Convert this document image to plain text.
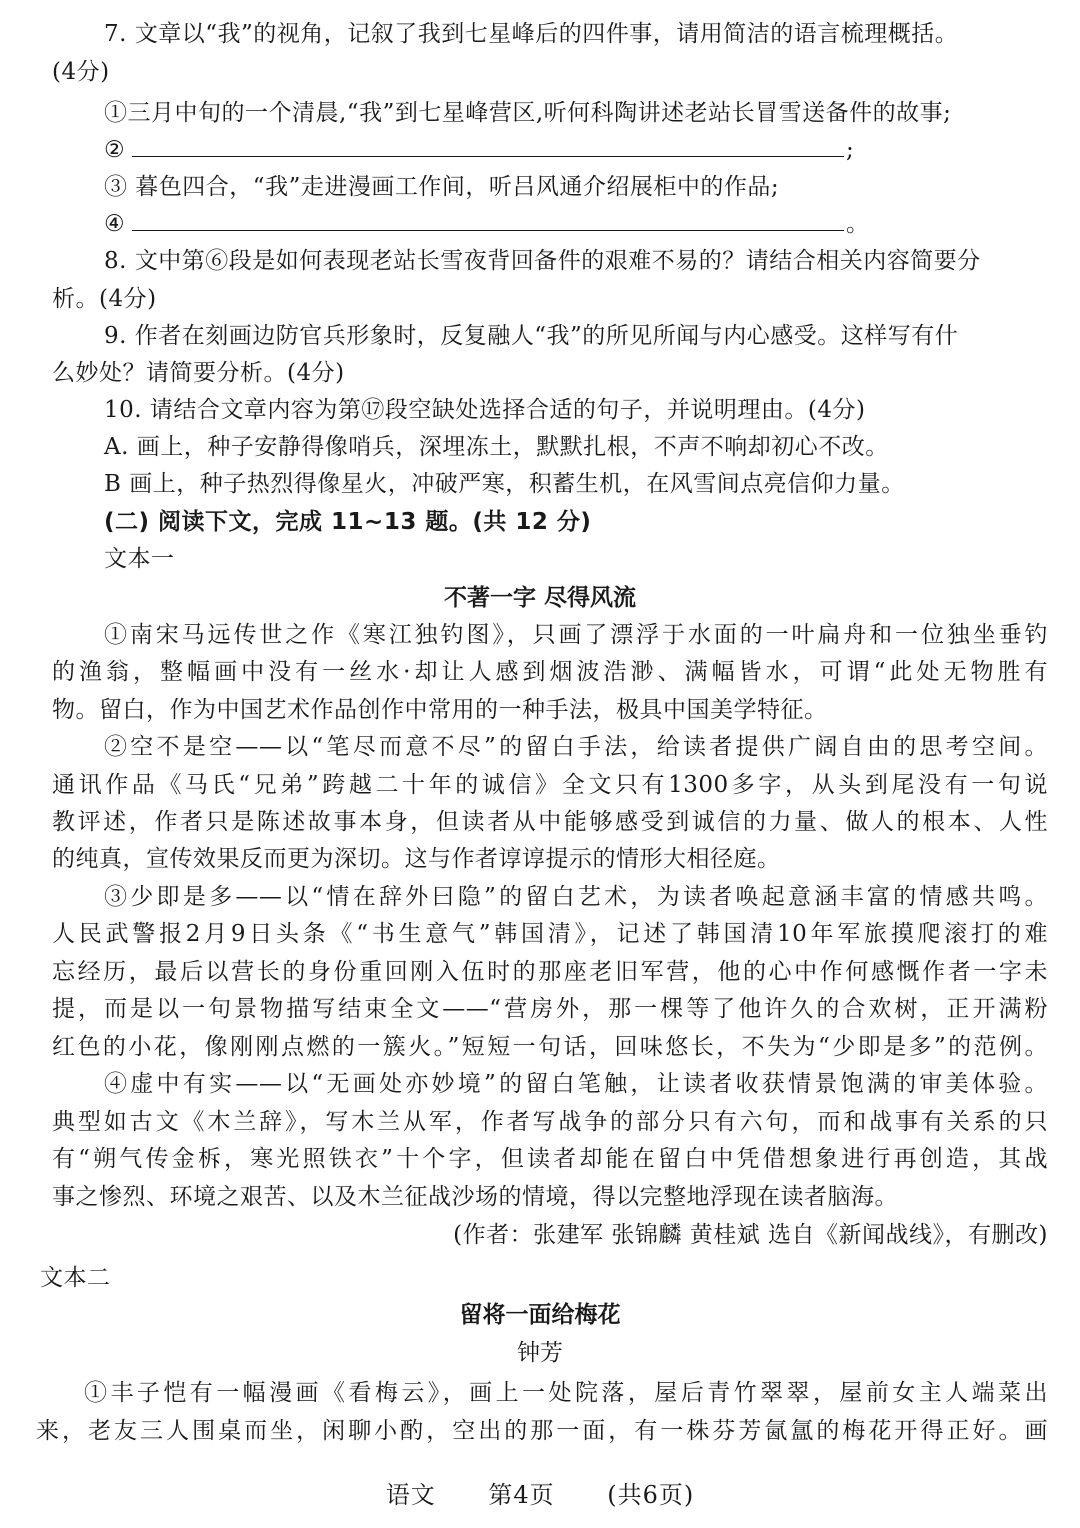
7. 文章以“我”的视角，记叙了我到七星峰后的四件事，请用简洁的语言梳理概括。
(4分)
①三月中旬的一个清晨,“我”到七星峰营区,听何科陶讲述老站长冒雪送备件的故事;
②	;
③ 暮色四合，“我”走进漫画工作间，听吕风通介绍展柜中的作品;
④	。
8. 文中第⑥段是如何表现老站长雪夜背回备件的艰难不易的？请结合相关内容简要分
析。(4分)
9. 作者在刻画边防官兵形象时，反复融人“我”的所见所闻与内心感受。这样写有什
么妙处？请简要分析。(4分)
10. 请结合文章内容为第⑰段空缺处选择合适的句子，并说明理由。(4分)
A. 画上，种子安静得像哨兵，深埋冻土，默默扎根，不声不响却初心不改。
B 画上，种子热烈得像星火，冲破严寒，积蓄生机，在风雪间点亮信仰力量。
(二) 阅读下文，完成 11~13 题。(共 12 分)
文本一
不著一字 尽得风流
①南宋马远传世之作《寒江独钓图》，只画了漂浮于水面的一叶扁舟和一位独坐垂钓
的渔翁，整幅画中没有一丝水·却让人感到烟波浩渺、满幅皆水，可谓“此处无物胜有
物。留白，作为中国艺术作品创作中常用的一种手法，极具中国美学特征。
②空不是空——以“笔尽而意不尽”的留白手法，给读者提供广阔自由的思考空间。
通讯作品《马氏“兄弟”跨越二十年的诚信》全文只有1300多字，从头到尾没有一句说
教评述，作者只是陈述故事本身，但读者从中能够感受到诚信的力量、做人的根本、人性
的纯真，宣传效果反而更为深切。这与作者谆谆提示的情形大相径庭。
③少即是多——以“情在辞外曰隐”的留白艺术，为读者唤起意涵丰富的情感共鸣。
人民武警报2月9日头条《“书生意气”韩国清》，记述了韩国清10年军旅摸爬滚打的难
忘经历，最后以营长的身份重回刚入伍时的那座老旧军营，他的心中作何感慨作者一字未
提，而是以一句景物描写结束全文——“营房外，那一棵等了他许久的合欢树，正开满粉
红色的小花，像刚刚点燃的一簇火。”短短一句话，回味悠长，不失为“少即是多”的范例。
④虚中有实——以“无画处亦妙境”的留白笔触，让读者收获情景饱满的审美体验。
典型如古文《木兰辞》，写木兰从军，作者写战争的部分只有六句，而和战事有关系的只
有“朔气传金柝，寒光照铁衣”十个字，但读者却能在留白中凭借想象进行再创造，其战
事之惨烈、环境之艰苦、以及木兰征战沙场的情境，得以完整地浮现在读者脑海。
(作者：张建军 张锦麟 黄桂斌 选自《新闻战线》，有删改)
文本二
留将一面给梅花
钟芳
①丰子恺有一幅漫画《看梅云》，画上一处院落，屋后青竹翠翠，屋前女主人端菜出
来，老友三人围桌而坐，闲聊小酌，空出的那一面，有一株芬芳氤氲的梅花开得正好。画
语文 第4页 (共6页)
